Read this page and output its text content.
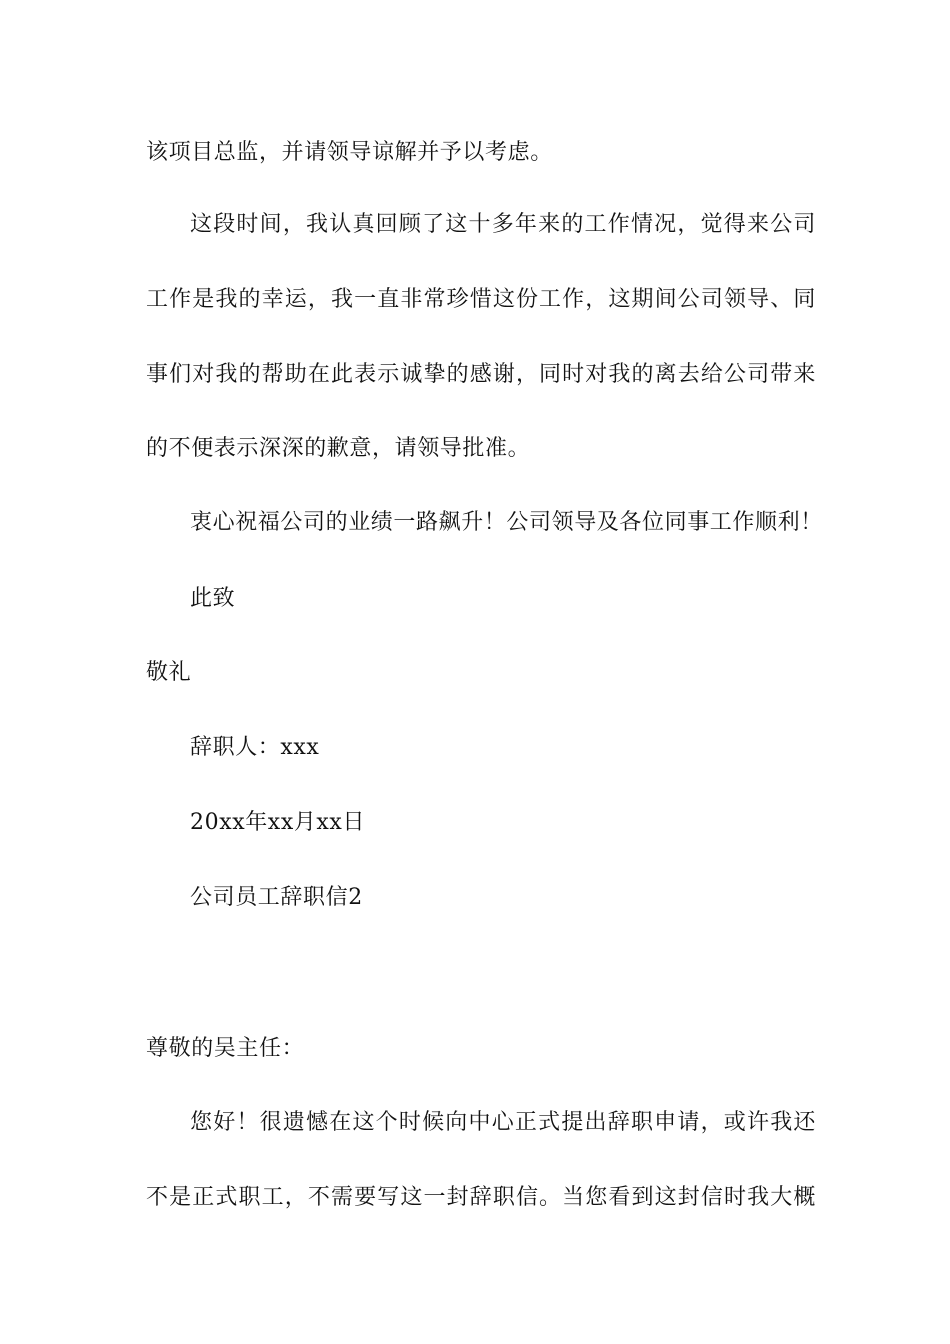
该项目总监，并请领导谅解并予以考虑。
这段时间，我认真回顾了这十多年来的工作情况，觉得来公司
工作是我的幸运，我一直非常珍惜这份工作，这期间公司领导、同
事们对我的帮助在此表示诚挚的感谢，同时对我的离去给公司带来
的不便表示深深的歉意，请领导批准。
衷心祝福公司的业绩一路飙升！公司领导及各位同事工作顺利！
此致
敬礼
辞职人：xxx
20xx年xx月xx日
公司员工辞职信2
尊敬的吴主任：
您好！很遗憾在这个时候向中心正式提出辞职申请，或许我还
不是正式职工，不需要写这一封辞职信。当您看到这封信时我大概
